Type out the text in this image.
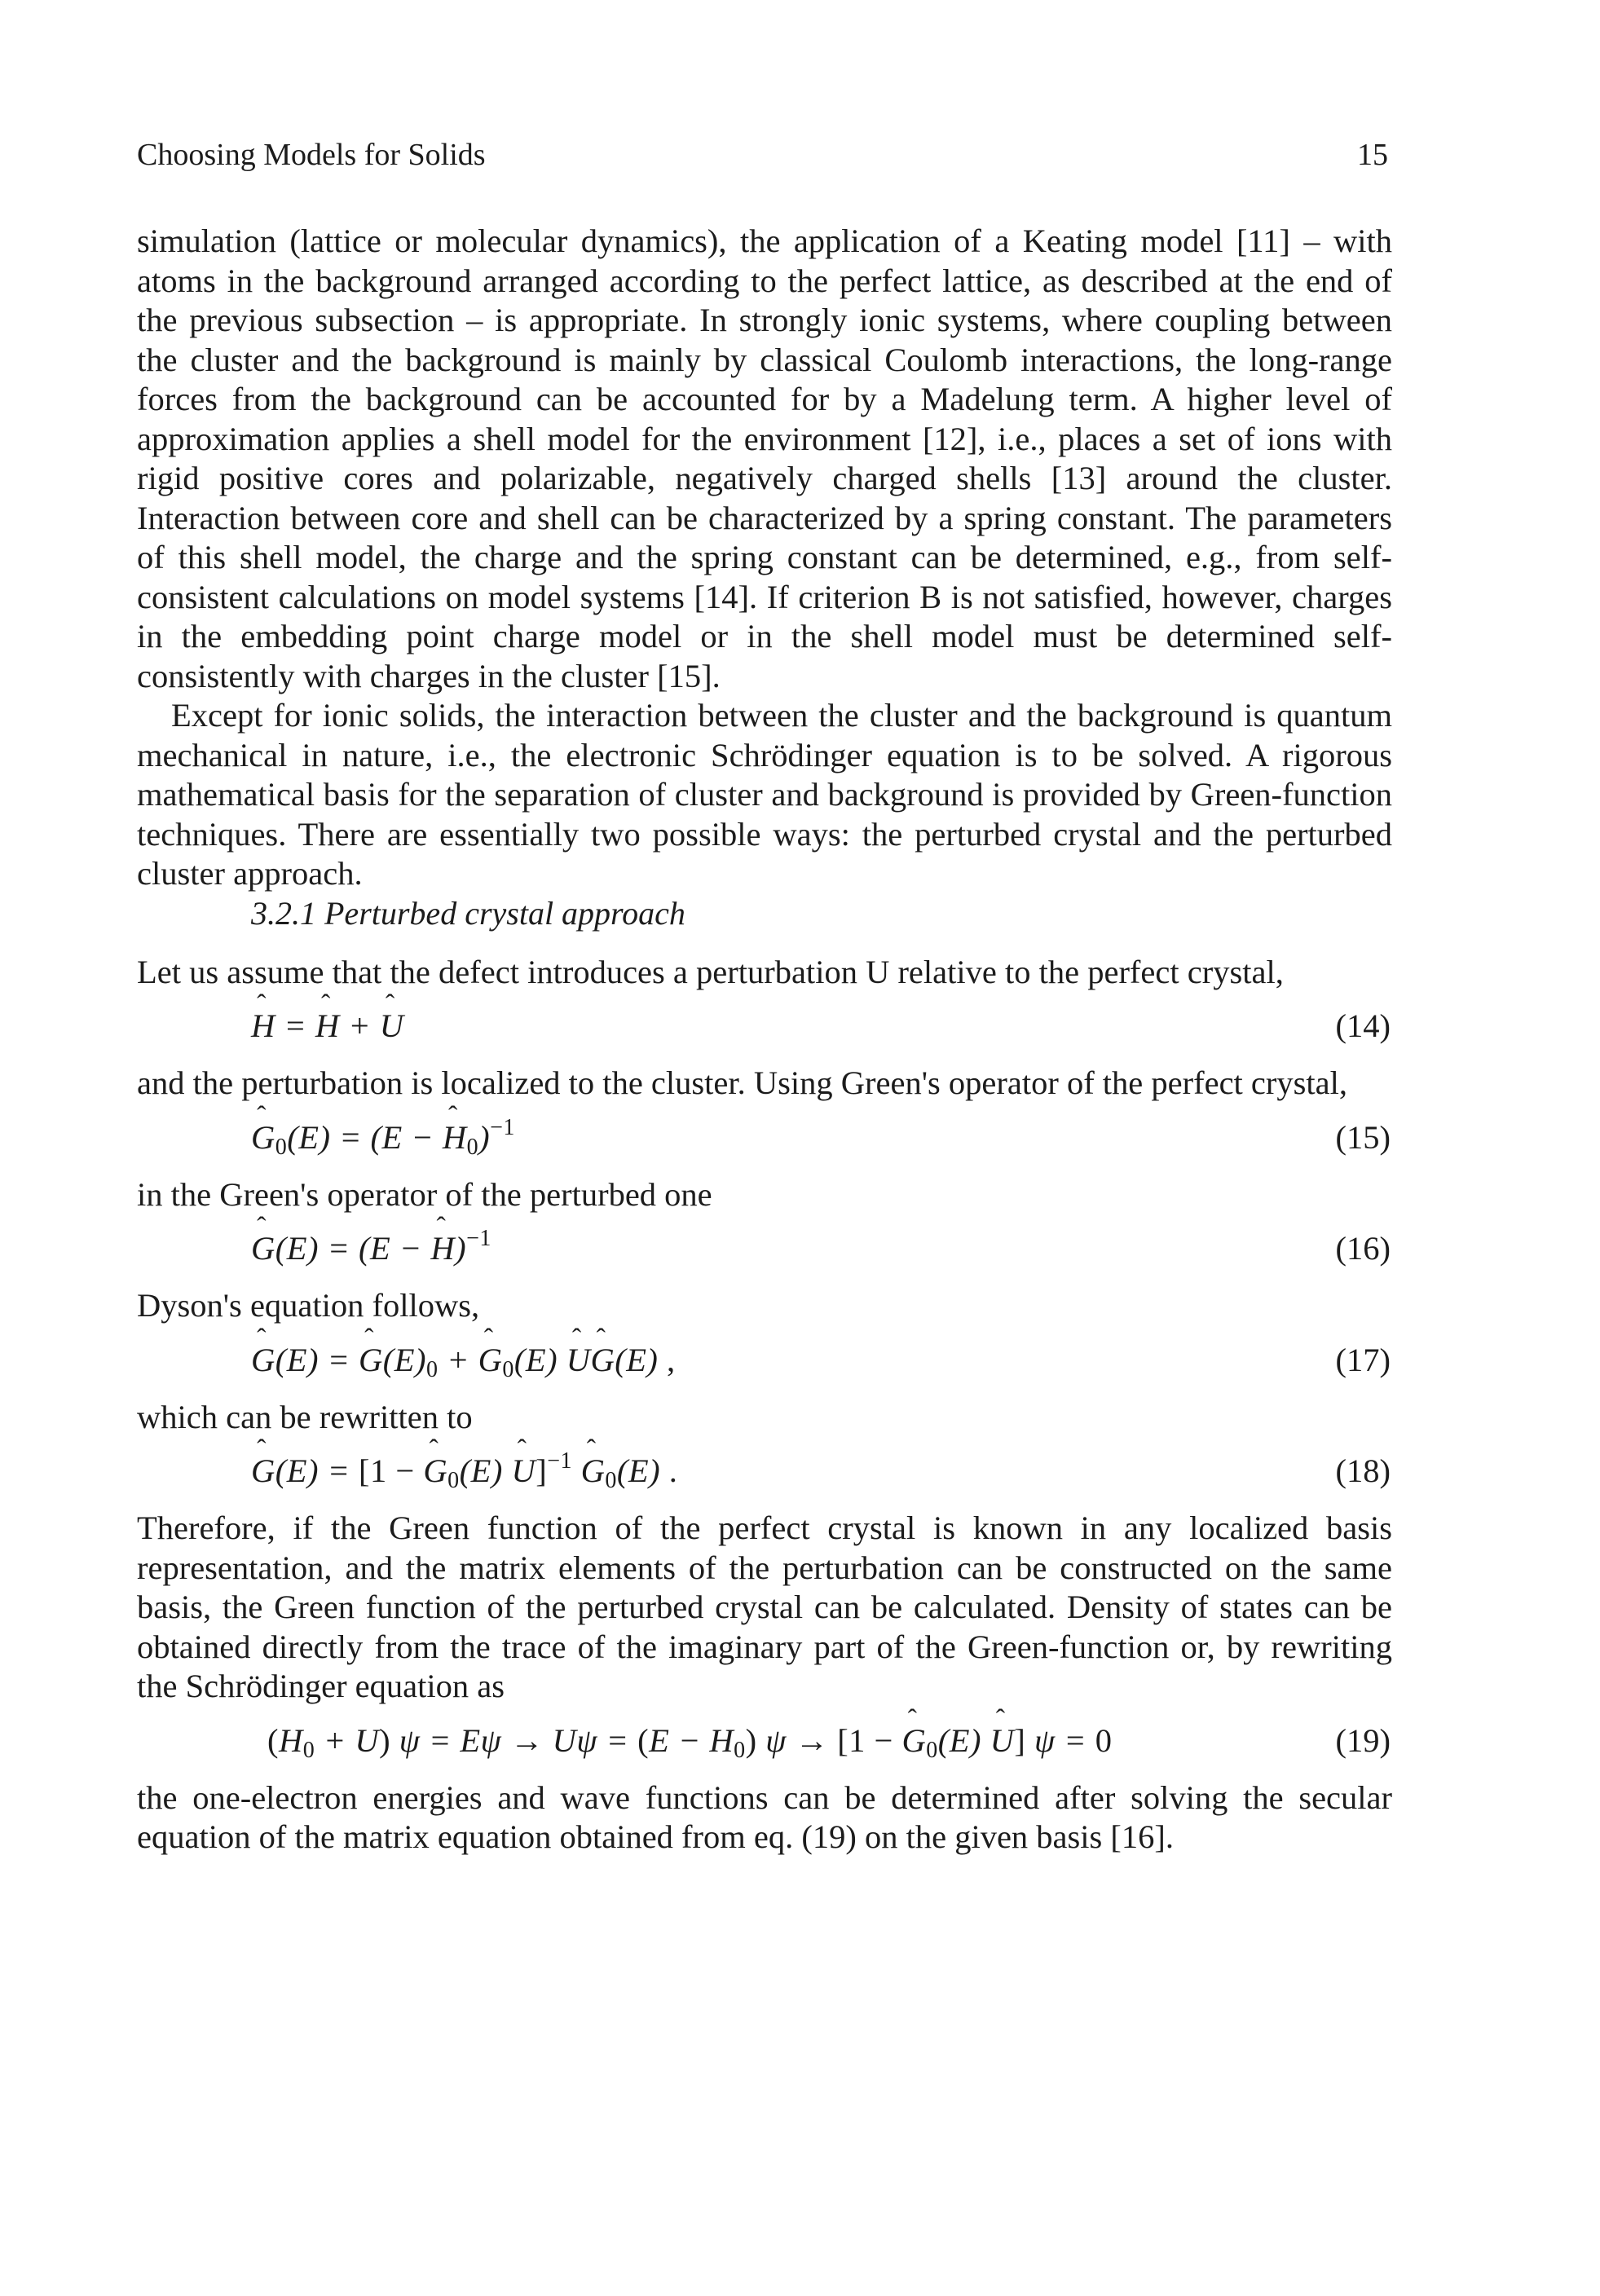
Choosing Models for Solids	15

simulation (lattice or molecular dynamics), the application of a Keating model [11] – with atoms in the background arranged according to the perfect lattice, as described at the end of the previous subsection – is appropriate. In strongly ionic systems, where coupling between the cluster and the background is mainly by classical Coulomb interactions, the long-range forces from the background can be accounted for by a Madelung term. A higher level of approximation applies a shell model for the environment [12], i.e., places a set of ions with rigid positive cores and polarizable, negatively charged shells [13] around the cluster. Interaction between core and shell can be characterized by a spring constant. The parameters of this shell model, the charge and the spring constant can be determined, e.g., from self-consistent calculations on model systems [14]. If criterion B is not satisfied, however, charges in the embedding point charge model or in the shell model must be determined self-consistently with charges in the cluster [15].

Except for ionic solids, the interaction between the cluster and the background is quantum mechanical in nature, i.e., the electronic Schrödinger equation is to be solved. A rigorous mathematical basis for the separation of cluster and background is provided by Green-function techniques. There are essentially two possible ways: the perturbed crystal and the perturbed cluster approach.

3.2.1 Perturbed crystal approach

Let us assume that the defect introduces a perturbation U relative to the perfect crystal,

ˆ H = ˆ H + ˆ U	(14)

and the perturbation is localized to the cluster. Using Green's operator of the perfect crystal,

ˆ $G_0(E) = (E$ − ˆ $H_0)^{-1}$	(15)

in the Green's operator of the perturbed one

ˆ G(E) = (E − ˆ H)$^{-1}$	(16)

Dyson's equation follows,

ˆ G(E) = ˆ $G(E)_0$ + ˆ $G_0(E)$ ˆ Uˆ G(E) ,	(17)

which can be rewritten to

ˆ G(E) = [1 − ˆ $G_0(E)$ ˆ U]$^{-1}$ ˆ $G_0(E)$ .	(18)

Therefore, if the Green function of the perfect crystal is known in any localized basis representation, and the matrix elements of the perturbation can be constructed on the same basis, the Green function of the perturbed crystal can be calculated. Density of states can be obtained directly from the trace of the imaginary part of the Green-function or, by rewriting the Schrödinger equation as

$(H_0 + U) \psi = E\psi \to U\psi = (E - H_0) \psi \to [1$ − ˆ $G_0(E)$ ˆ U] ψ = 0	(19)

the one-electron energies and wave functions can be determined after solving the secular equation of the matrix equation obtained from eq. (19) on the given basis [16].
